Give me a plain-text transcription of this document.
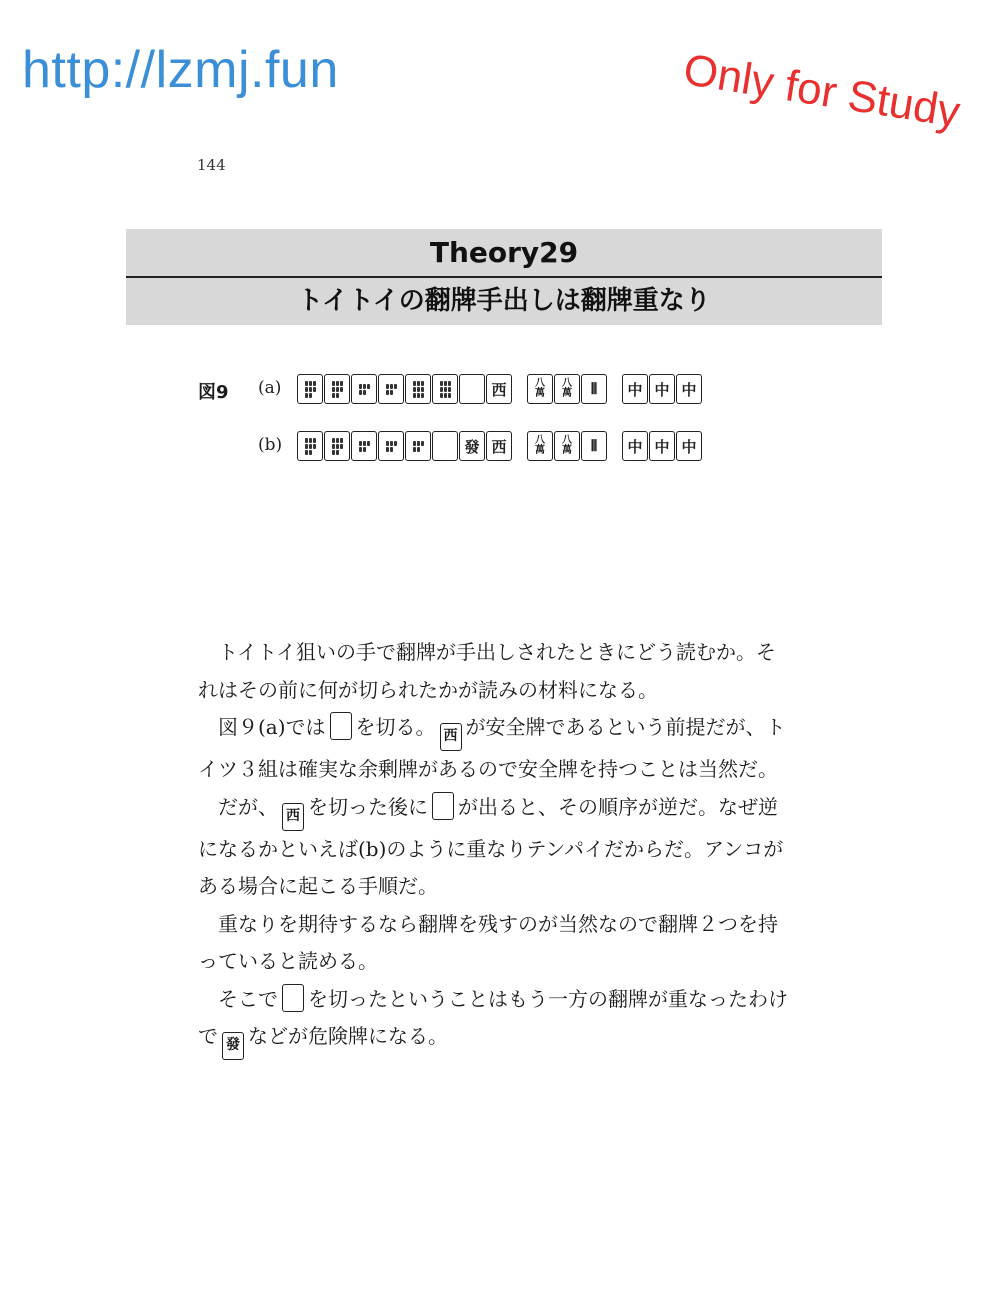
http://lzmj.fun	Only for Study
144
Theory29
トイトイの翻牌手出しは翻牌重なり
図9 (a)	西	八
萬
八
萬 ⦀ 中 中 中
(b)	發 西	八
萬
八
萬 ⦀ 中 中 中

トイトイ狙いの手で翻牌が手出しされたときにどう読むか。それはその前に何が切られたかが読みの材料になる。

図９(a)では を切る。 西 が安全牌であるという前提だが、トイツ３組は確実な余剰牌があるので安全牌を持つことは当然だ。

だが、 西 を切った後に が出ると、その順序が逆だ。なぜ逆になるかといえば(b)のように重なりテンパイだからだ。アンコがある場合に起こる手順だ。

重なりを期待するなら翻牌を残すのが当然なので翻牌２つを持っていると読める。

そこで を切ったということはもう一方の翻牌が重なったわけで 發 などが危険牌になる。
